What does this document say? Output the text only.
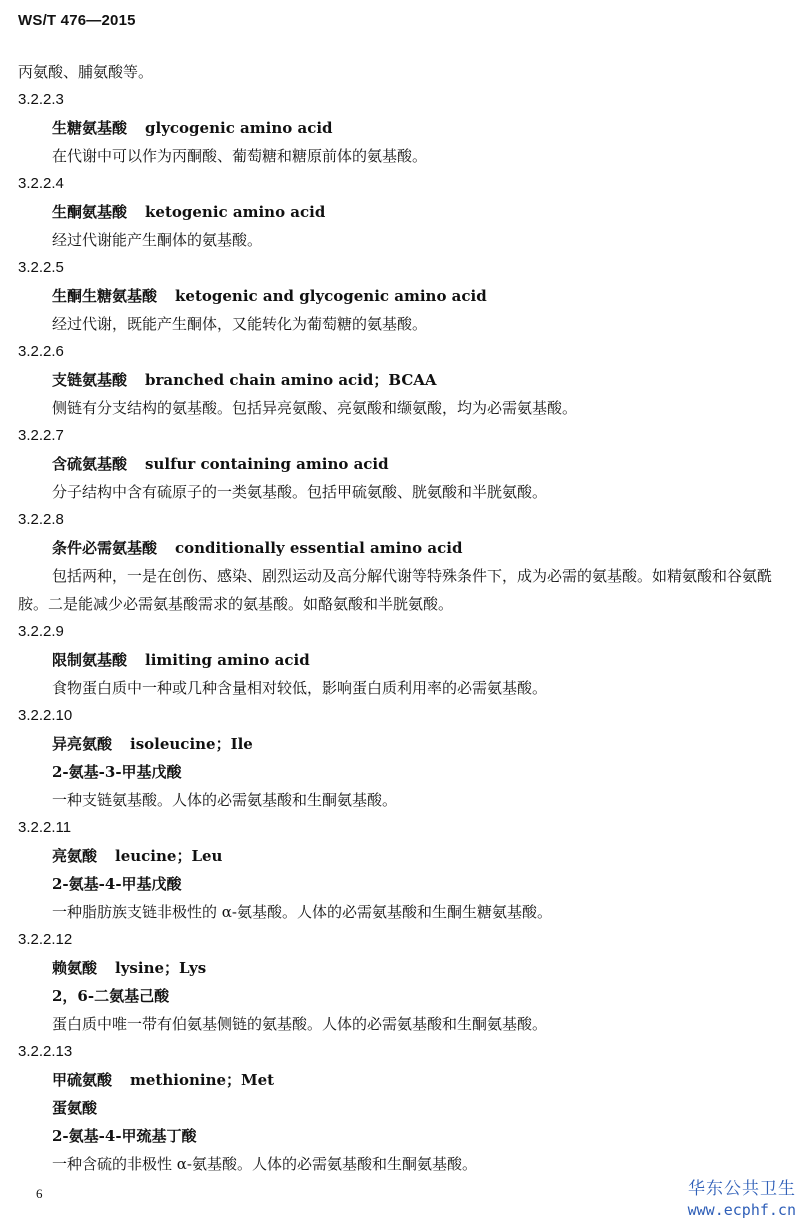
WS/T 476—2015
丙氨酸、脯氨酸等。
3.2.2.3
生糖氨基酸 glycogenic amino acid
在代谢中可以作为丙酮酸、葡萄糖和糖原前体的氨基酸。
3.2.2.4
生酮氨基酸 ketogenic amino acid
经过代谢能产生酮体的氨基酸。
3.2.2.5
生酮生糖氨基酸 ketogenic and glycogenic amino acid
经过代谢，既能产生酮体，又能转化为葡萄糖的氨基酸。
3.2.2.6
支链氨基酸 branched chain amino acid；BCAA
侧链有分支结构的氨基酸。包括异亮氨酸、亮氨酸和缬氨酸，均为必需氨基酸。
3.2.2.7
含硫氨基酸 sulfur containing amino acid
分子结构中含有硫原子的一类氨基酸。包括甲硫氨酸、胱氨酸和半胱氨酸。
3.2.2.8
条件必需氨基酸 conditionally essential amino acid
包括两种，一是在创伤、感染、剧烈运动及高分解代谢等特殊条件下，成为必需的氨基酸。如精氨酸和谷氨酰胺。二是能减少必需氨基酸需求的氨基酸。如酪氨酸和半胱氨酸。
3.2.2.9
限制氨基酸 limiting amino acid
食物蛋白质中一种或几种含量相对较低，影响蛋白质利用率的必需氨基酸。
3.2.2.10
异亮氨酸 isoleucine；Ile
2-氨基-3-甲基戊酸
一种支链氨基酸。人体的必需氨基酸和生酮氨基酸。
3.2.2.11
亮氨酸 leucine；Leu
2-氨基-4-甲基戊酸
一种脂肪族支链非极性的 α-氨基酸。人体的必需氨基酸和生酮生糖氨基酸。
3.2.2.12
赖氨酸 lysine；Lys
2，6-二氨基己酸
蛋白质中唯一带有伯氨基侧链的氨基酸。人体的必需氨基酸和生酮氨基酸。
3.2.2.13
甲硫氨酸 methionine；Met
蛋氨酸
2-氨基-4-甲巯基丁酸
一种含硫的非极性 α-氨基酸。人体的必需氨基酸和生酮氨基酸。
6	华东公共卫生
www.ecphf.cn
